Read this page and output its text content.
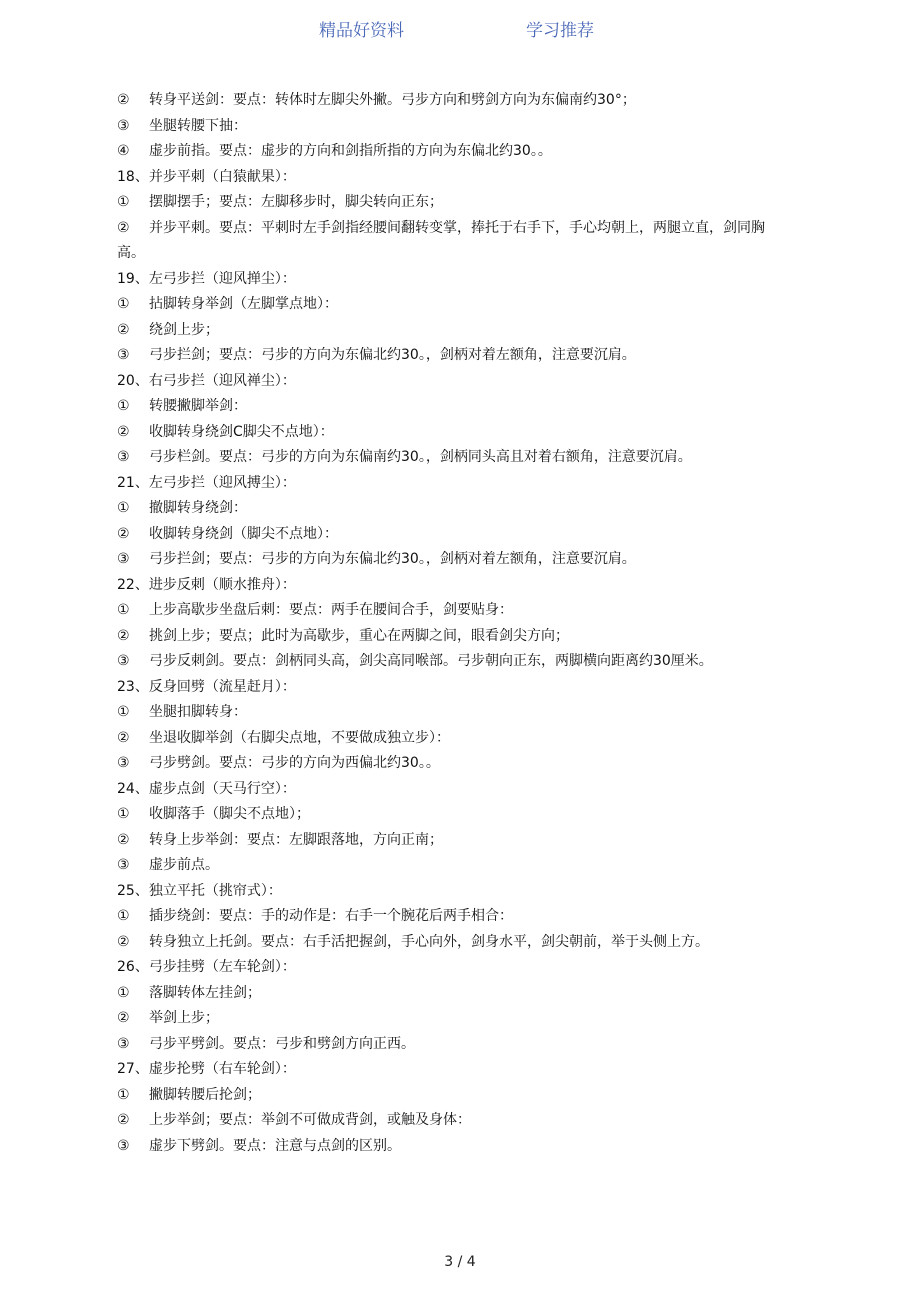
精品好资料	学习推荐
② 转身平送剑：要点：转体时左脚尖外撇。弓步方向和劈剑方向为东偏南约30°；
③ 坐腿转腰下抽：
④ 虚步前指。要点：虚步的方向和剑指所指的方向为东偏北约30。。
18、并步平刺（白猿献果）：
① 摆脚摆手；要点：左脚移步时，脚尖转向正东；
② 并步平刺。要点：平刺时左手剑指经腰间翻转变掌，捧托于右手下，手心均朝上，两腿立直，剑同胸高。
19、左弓步拦（迎风掸尘）：
① 拈脚转身举剑（左脚掌点地）：
② 绕剑上步；
③ 弓步拦剑；要点：弓步的方向为东偏北约30。，剑柄对着左额角，注意要沉肩。
20、右弓步拦（迎风禅尘）：
① 转腰撇脚举剑：
② 收脚转身绕剑C脚尖不点地）：
③ 弓步栏剑。要点：弓步的方向为东偏南约30。，剑柄同头高且对着右额角，注意要沉肩。
21、左弓步拦（迎风搏尘）：
① 撤脚转身绕剑：
② 收脚转身绕剑（脚尖不点地）：
③ 弓步拦剑；要点：弓步的方向为东偏北约30。，剑柄对着左额角，注意要沉肩。
22、进步反刺（顺水推舟）：
① 上步高歇步坐盘后刺：要点：两手在腰间合手，剑要贴身：
② 挑剑上步；要点；此时为高歇步，重心在两脚之间，眼看剑尖方向；
③ 弓步反刺剑。要点：剑柄同头高，剑尖高同喉部。弓步朝向正东，两脚横向距离约30厘米。
23、反身回劈（流星赶月）：
① 坐腿扣脚转身：
② 坐退收脚举剑（右脚尖点地，不要做成独立步）：
③ 弓步劈剑。要点：弓步的方向为西偏北约30。。
24、虚步点剑（天马行空）：
① 收脚落手（脚尖不点地）；
② 转身上步举剑：要点：左脚跟落地，方向正南；
③ 虚步前点。
25、独立平托（挑帘式）：
① 插步绕剑：要点：手的动作是：右手一个腕花后两手相合：
② 转身独立上托剑。要点：右手活把握剑，手心向外，剑身水平，剑尖朝前，举于头侧上方。
26、弓步挂劈（左车轮剑）：
① 落脚转体左挂剑；
② 举剑上步；
③ 弓步平劈剑。要点：弓步和劈剑方向正西。
27、虚步抡劈（右车轮剑）：
① 撇脚转腰后抡剑；
② 上步举剑；要点：举剑不可做成背剑，或触及身体：
③ 虚步下劈剑。要点：注意与点剑的区别。
3 / 4
